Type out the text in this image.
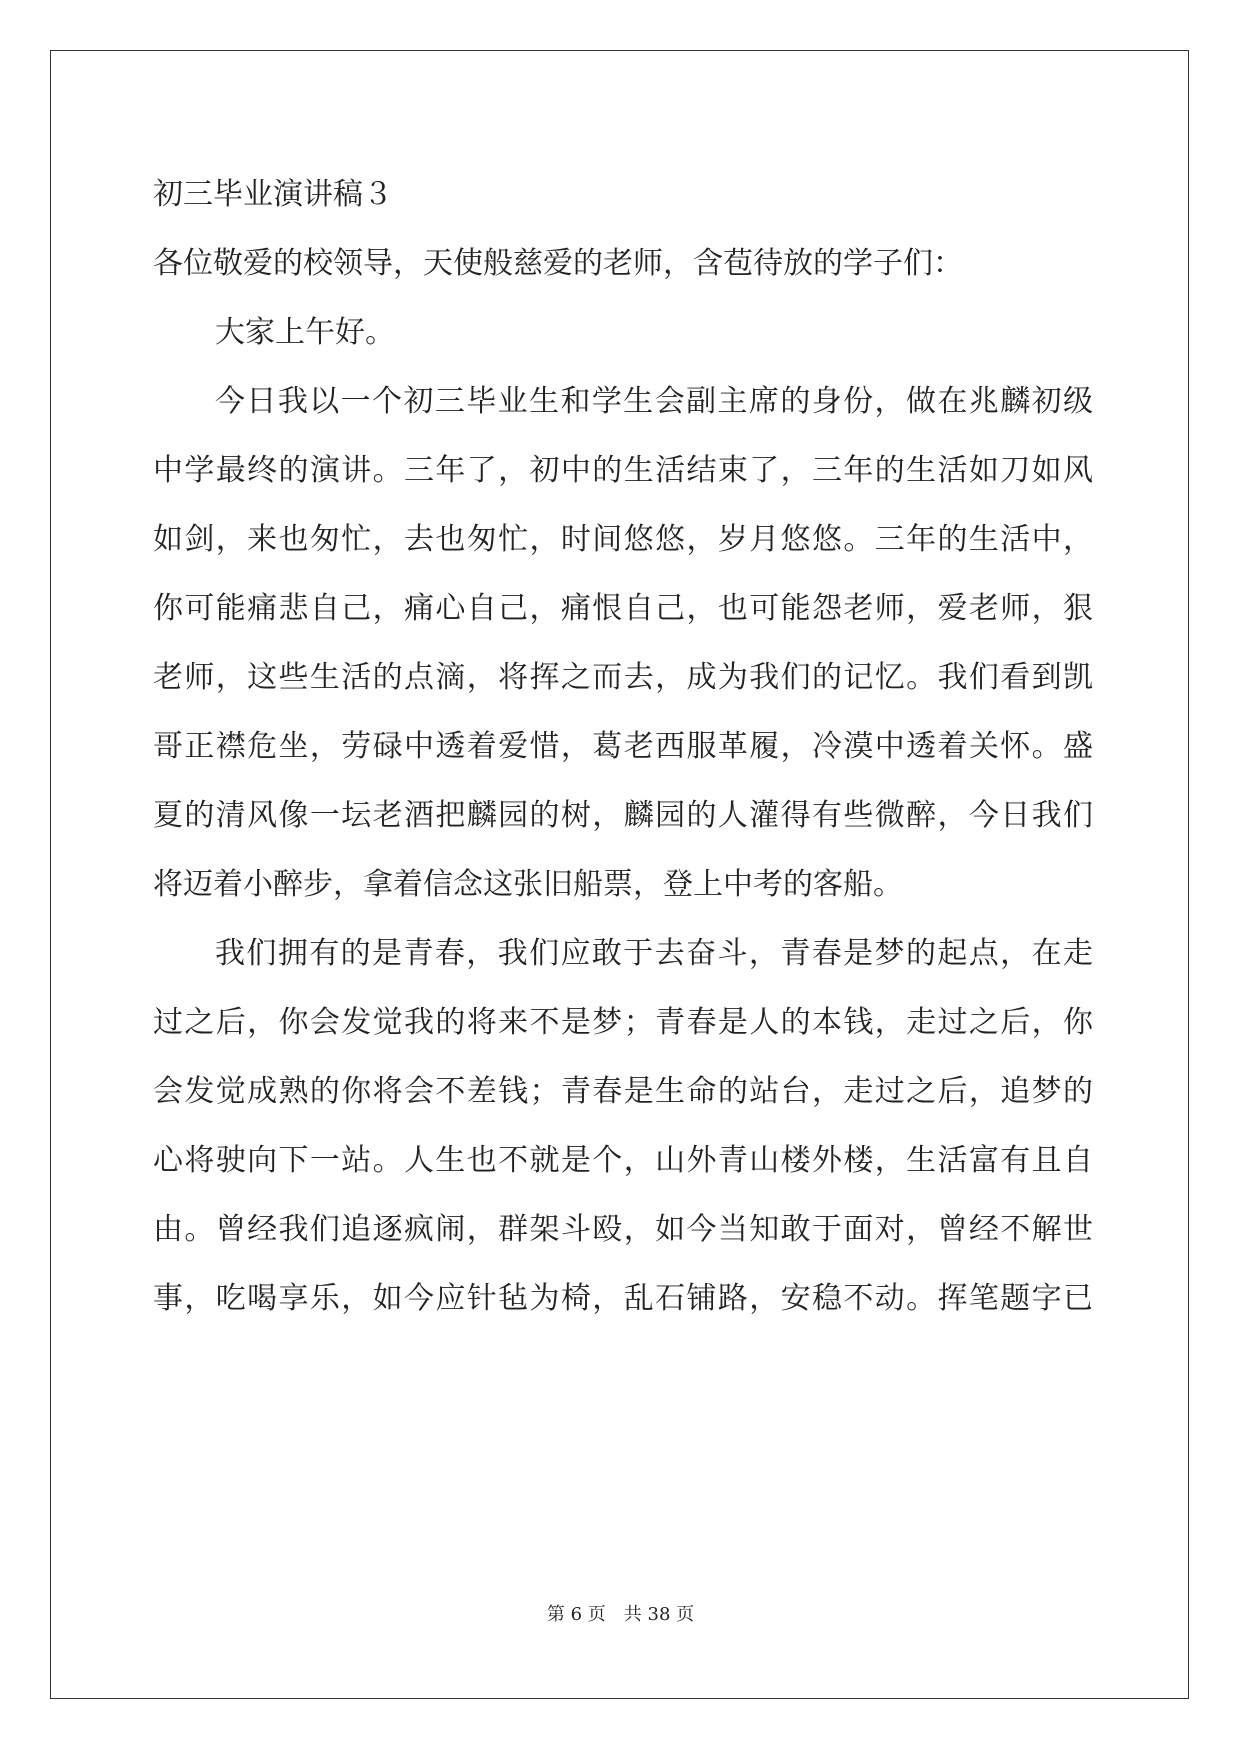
初三毕业演讲稿３
各位敬爱的校领导，天使般慈爱的老师，含苞待放的学子们：
大家上午好。
今日我以一个初三毕业生和学生会副主席的身份，做在兆麟初级
中学最终的演讲。三年了，初中的生活结束了，三年的生活如刀如风
如剑，来也匆忙，去也匆忙，时间悠悠，岁月悠悠。三年的生活中，
你可能痛悲自己，痛心自己，痛恨自己，也可能怨老师，爱老师，狠
老师，这些生活的点滴，将挥之而去，成为我们的记忆。我们看到凯
哥正襟危坐，劳碌中透着爱惜，葛老西服革履，冷漠中透着关怀。盛
夏的清风像一坛老酒把麟园的树，麟园的人灌得有些微醉，今日我们
将迈着小醉步，拿着信念这张旧船票，登上中考的客船。
我们拥有的是青春，我们应敢于去奋斗，青春是梦的起点，在走
过之后，你会发觉我的将来不是梦；青春是人的本钱，走过之后，你
会发觉成熟的你将会不差钱；青春是生命的站台，走过之后，追梦的
心将驶向下一站。人生也不就是个，山外青山楼外楼，生活富有且自
由。曾经我们追逐疯闹，群架斗殴，如今当知敢于面对，曾经不解世
事，吃喝享乐，如今应针毡为椅，乱石铺路，安稳不动。挥笔题字已
第 6 页　共 38 页
